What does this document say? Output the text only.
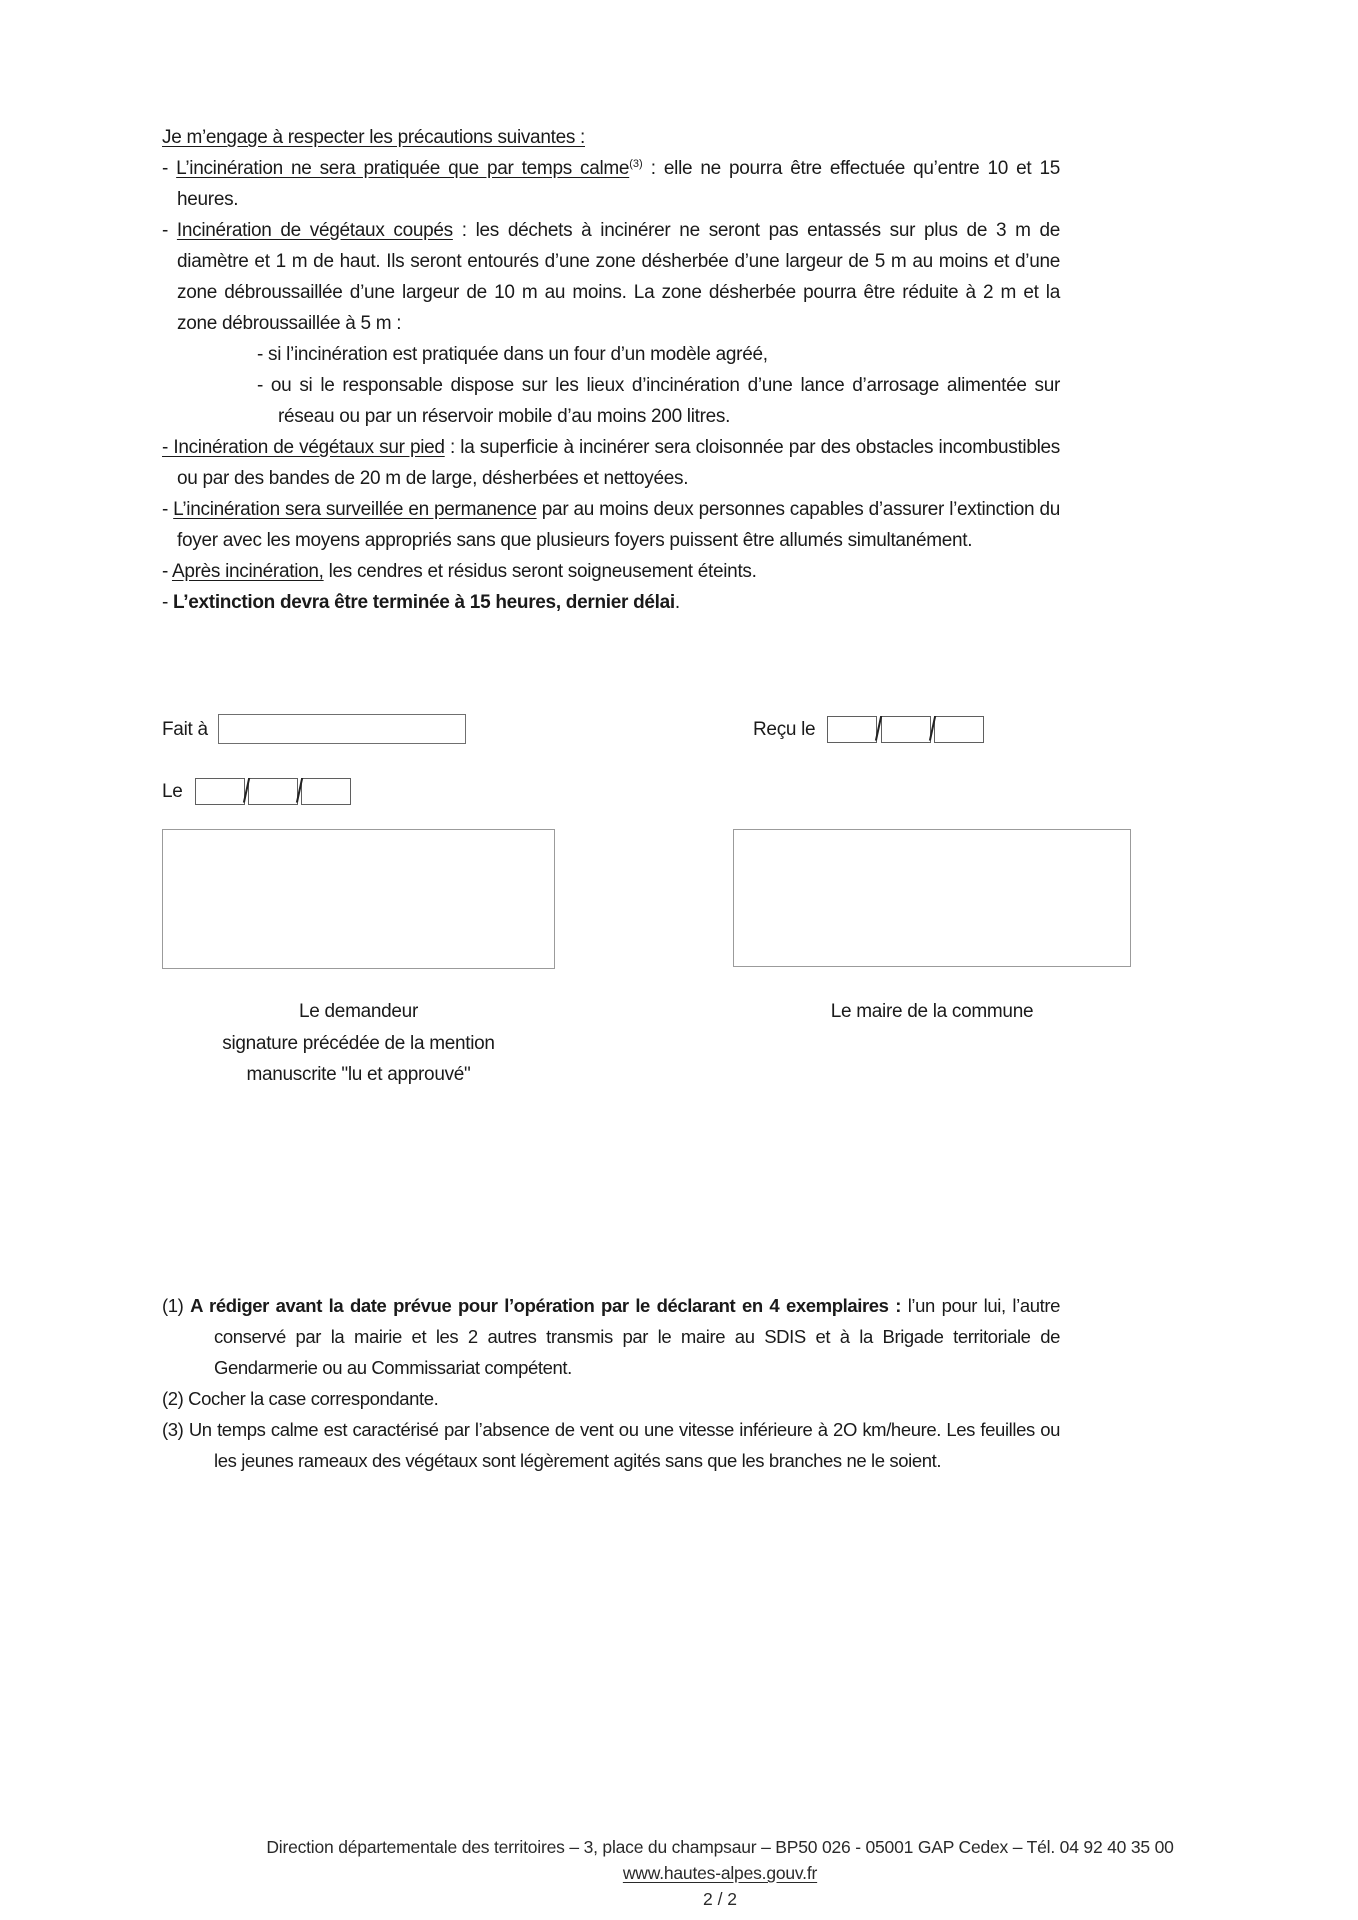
Je m’engage à respecter les précautions suivantes :

- L’incinération ne sera pratiquée que par temps calme$^{(3)}$ : elle ne pourra être effectuée qu’entre 10 et 15 heures.

- Incinération de végétaux coupés : les déchets à incinérer ne seront pas entassés sur plus de 3 m de diamètre et 1 m de haut. Ils seront entourés d’une zone désherbée d’une largeur de 5 m au moins et d’une zone débroussaillée d’une largeur de 10 m au moins. La zone désherbée pourra être réduite à 2 m et la zone débroussaillée à 5 m :

- si l’incinération est pratiquée dans un four d’un modèle agréé,

- ou si le responsable dispose sur les lieux d’incinération d’une lance d’arrosage alimentée sur réseau ou par un réservoir mobile d’au moins 200 litres.

- Incinération de végétaux sur pied : la superficie à incinérer sera cloisonnée par des obstacles incombustibles ou par des bandes de 20 m de large, désherbées et nettoyées.

- L’incinération sera surveillée en permanence par au moins deux personnes capables d’assurer l’extinction du foyer avec les moyens appropriés sans que plusieurs foyers puissent être allumés simultanément.

- Après incinération, les cendres et résidus seront soigneusement éteints.

- L’extinction devra être terminée à 15 heures, dernier délai.

Fait à	Reçu le / /
Le / /
Le demandeur
signature précédée de la mention
manuscrite "lu et approuvé"
Le maire de la commune

(1) A rédiger avant la date prévue pour l’opération par le déclarant en 4 exemplaires : l’un pour lui, l’autre conservé par la mairie et les 2 autres transmis par le maire au SDIS et à la Brigade territoriale de Gendarmerie ou au Commissariat compétent.

(2) Cocher la case correspondante.

(3) Un temps calme est caractérisé par l’absence de vent ou une vitesse inférieure à 2O km/heure. Les feuilles ou les jeunes rameaux des végétaux sont légèrement agités sans que les branches ne le soient.

Direction départementale des territoires – 3, place du champsaur – BP50 026 - 05001 GAP Cedex – Tél. 04 92 40 35 00
www.hautes-alpes.gouv.fr
2 / 2
